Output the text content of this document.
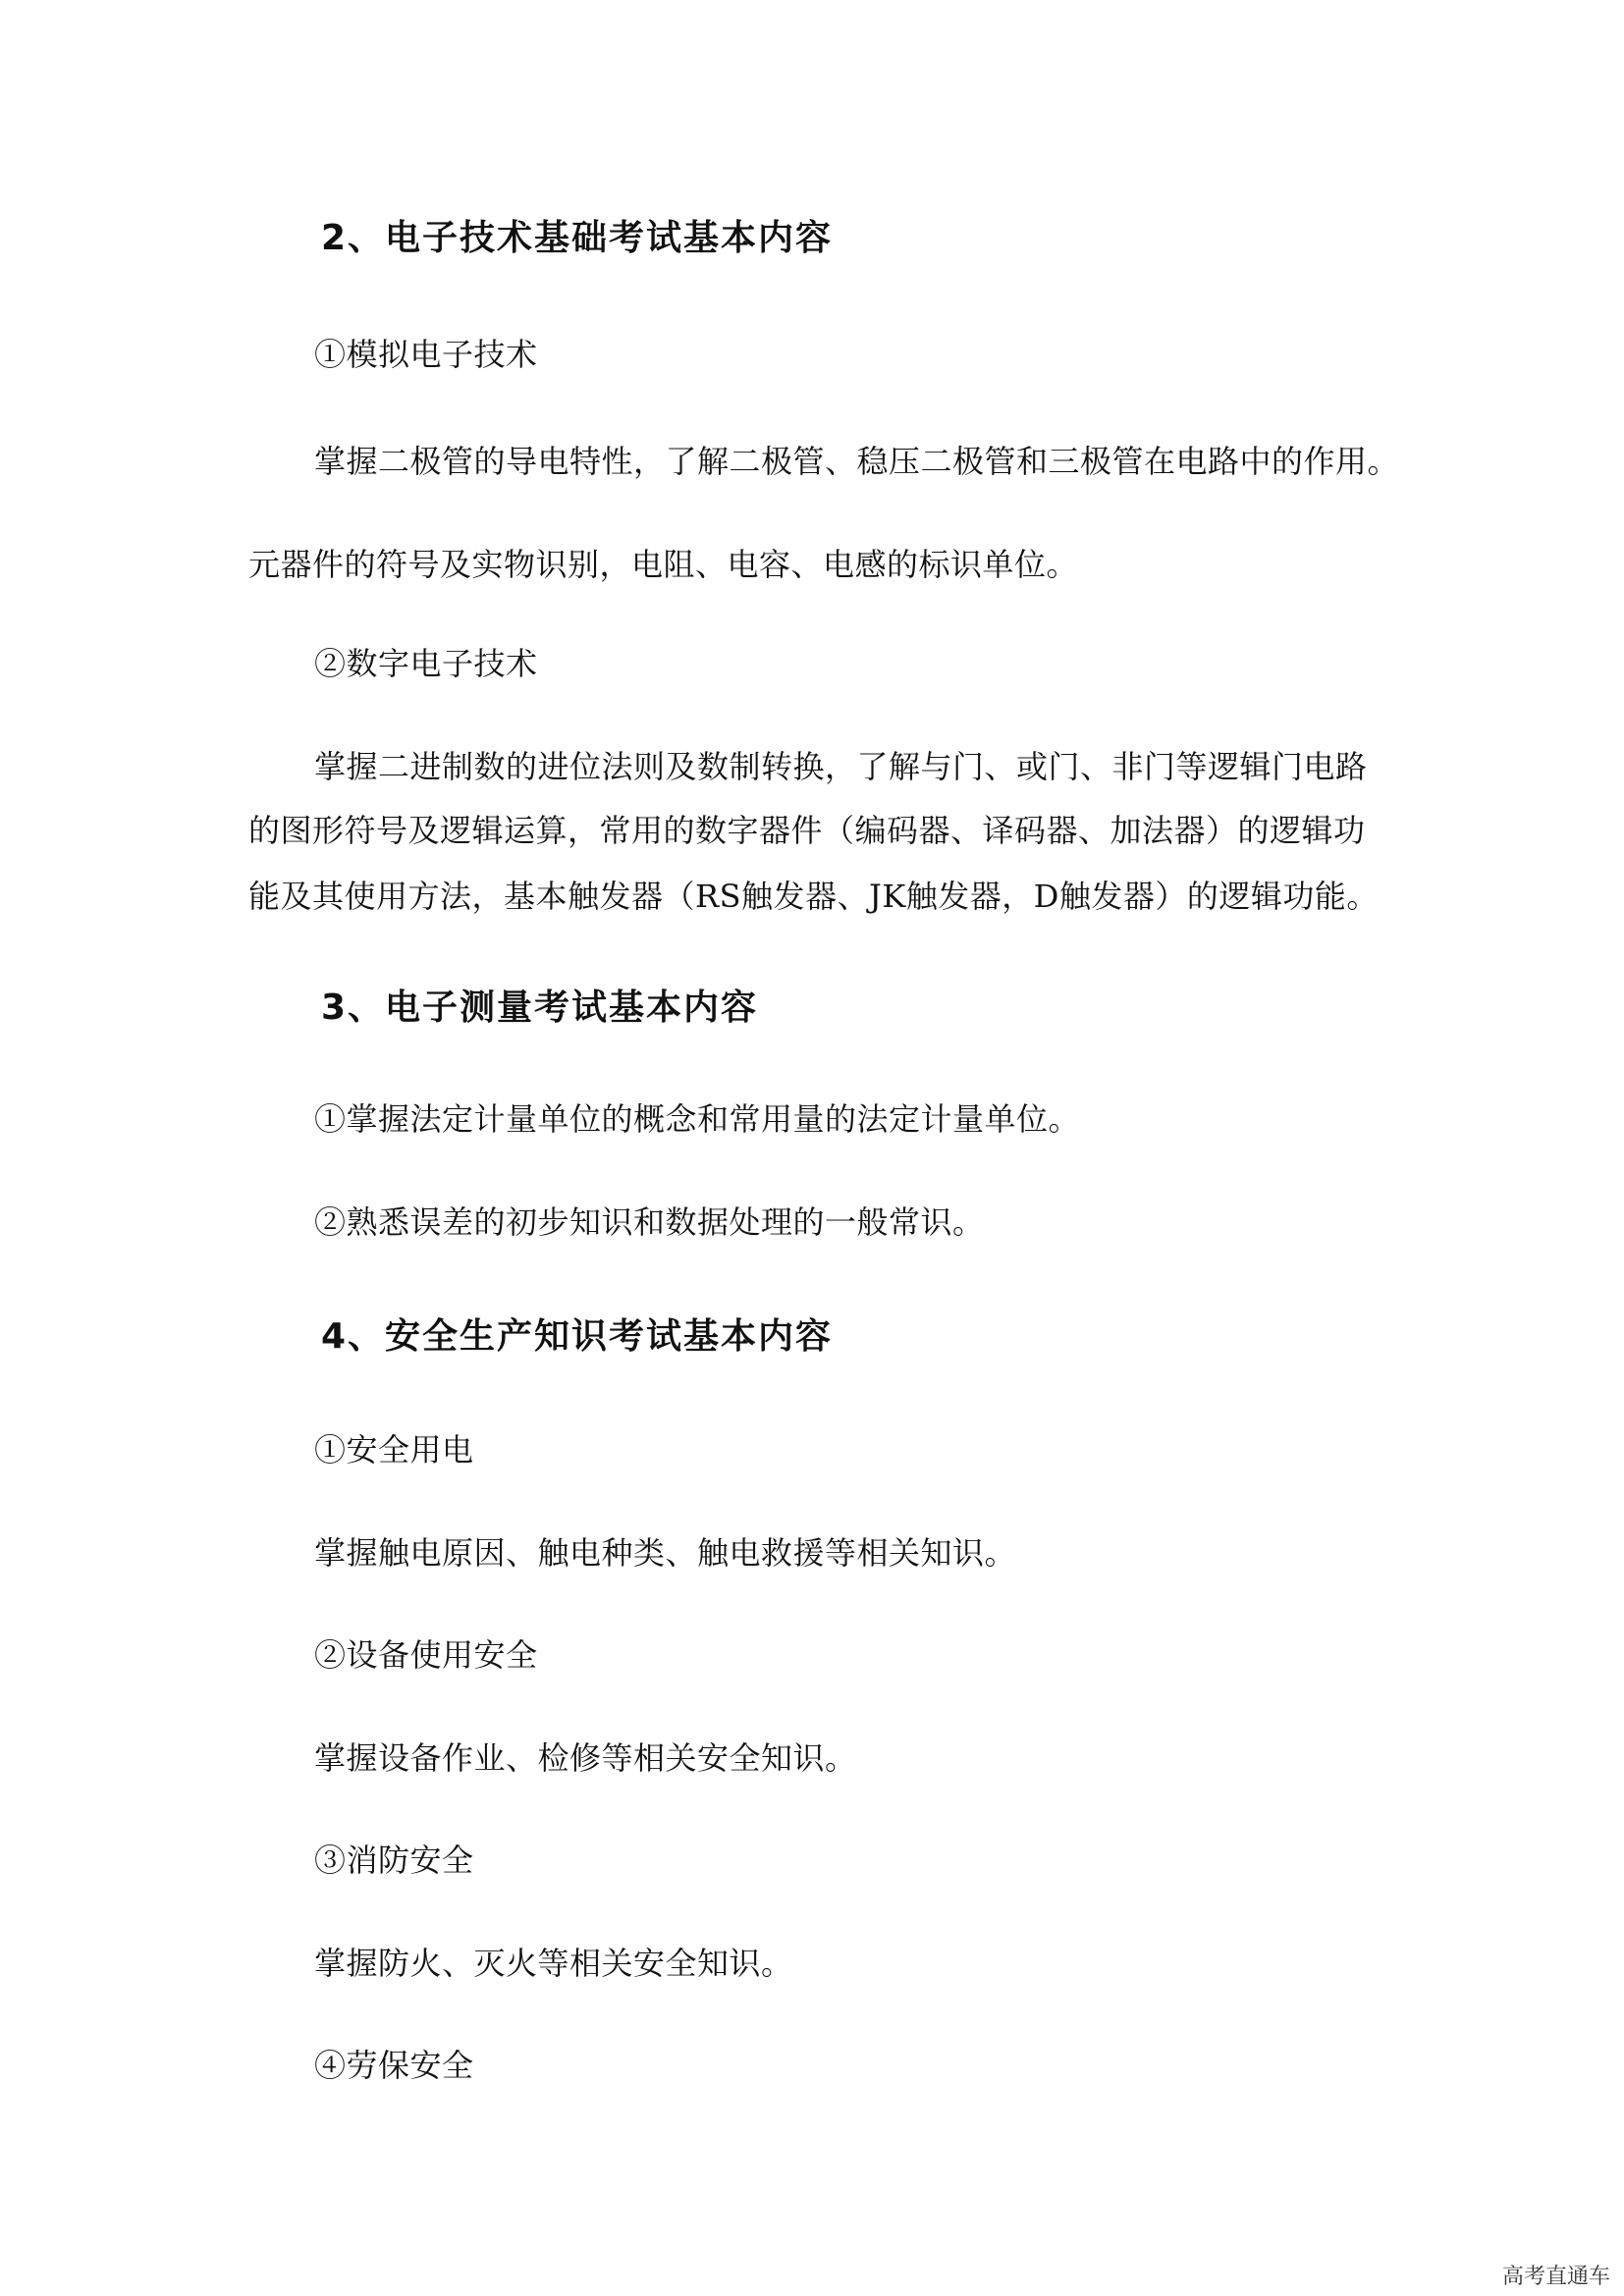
2、电子技术基础考试基本内容
①模拟电子技术
掌握二极管的导电特性，了解二极管、稳压二极管和三极管在电路中的作用。
元器件的符号及实物识别，电阻、电容、电感的标识单位。
②数字电子技术
掌握二进制数的进位法则及数制转换，了解与门、或门、非门等逻辑门电路
的图形符号及逻辑运算，常用的数字器件（编码器、译码器、加法器）的逻辑功
能及其使用方法，基本触发器（RS触发器、JK触发器，D触发器）的逻辑功能。
3、电子测量考试基本内容
①掌握法定计量单位的概念和常用量的法定计量单位。
②熟悉误差的初步知识和数据处理的一般常识。
4、安全生产知识考试基本内容
①安全用电
掌握触电原因、触电种类、触电救援等相关知识。
②设备使用安全
掌握设备作业、检修等相关安全知识。
③消防安全
掌握防火、灭火等相关安全知识。
④劳保安全
高考直通车
